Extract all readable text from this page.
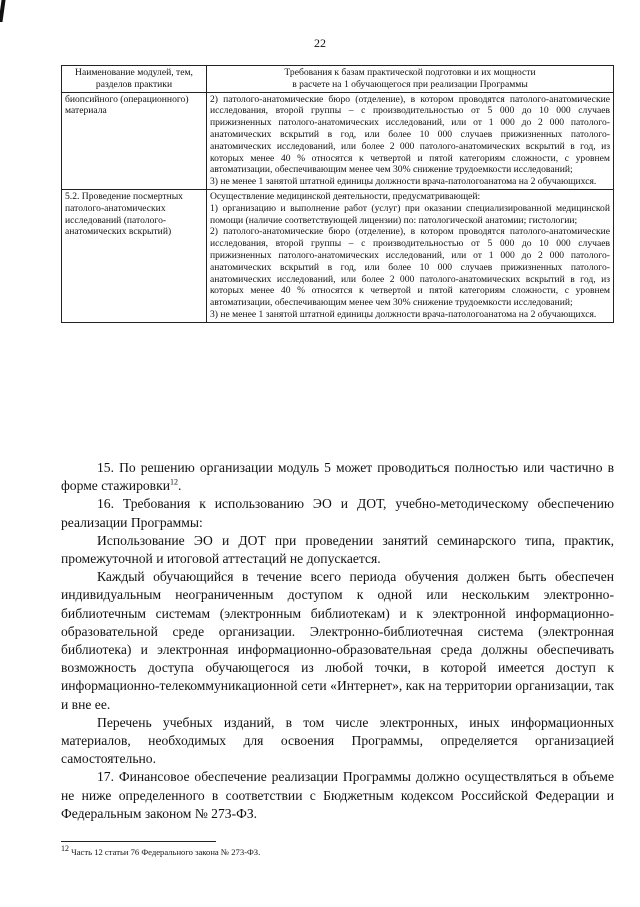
22
Наименование модулей, тем, разделов практики	Требования к базам практической подготовки и их мощности
в расчете на 1 обучающегося при реализации Программы
биопсийного (операционного) материала	2) патолого-анатомические бюро (отделение), в котором проводятся патолого-анатомические исследования, второй группы – с производительностью от 5 000 до 10 000 случаев прижизненных патолого-анатомических исследований, или от 1 000 до 2 000 патолого-анатомических вскрытий в год, или более 10 000 случаев прижизненных патолого-анатомических исследований, или более 2 000 патолого-анатомических вскрытий в год, из которых менее 40 % относятся к четвертой и пятой категориям сложности, с уровнем автоматизации, обеспечивающим менее чем 30% снижение трудоемкости исследований;

3) не менее 1 занятой штатной единицы должности врача-патологоанатома на 2 обучающихся.

5.2. Проведение посмертных патолого-анатомических исследований (патолого-анатомических вскрытий)	Осуществление медицинской деятельности, предусматривающей:

1) организацию и выполнение работ (услуг) при оказании специализированной медицинской помощи (наличие соответствующей лицензии) по: патологической анатомии; гистологии;

2) патолого-анатомические бюро (отделение), в котором проводятся патолого-анатомические исследования, второй группы – с производительностью от 5 000 до 10 000 случаев прижизненных патолого-анатомических исследований, или от 1 000 до 2 000 патолого-анатомических вскрытий в год, или более 10 000 случаев прижизненных патолого-анатомических исследований, или более 2 000 патолого-анатомических вскрытий в год, из которых менее 40 % относятся к четвертой и пятой категориям сложности, с уровнем автоматизации, обеспечивающим менее чем 30% снижение трудоемкости исследований;

3) не менее 1 занятой штатной единицы должности врача-патологоанатома на 2 обучающихся.

15. По решению организации модуль 5 может проводиться полностью или частично в форме стажировки$^{12}$.

16. Требования к использованию ЭО и ДОТ, учебно-методическому обеспечению реализации Программы:

Использование ЭО и ДОТ при проведении занятий семинарского типа, практик, промежуточной и итоговой аттестаций не допускается.

Каждый обучающийся в течение всего периода обучения должен быть обеспечен индивидуальным неограниченным доступом к одной или нескольким электронно-библиотечным системам (электронным библиотекам) и к электронной информационно-образовательной среде организации. Электронно-библиотечная система (электронная библиотека) и электронная информационно-образовательная среда должны обеспечивать возможность доступа обучающегося из любой точки, в которой имеется доступ к информационно-телекоммуникационной сети «Интернет», как на территории организации, так и вне ее.

Перечень учебных изданий, в том числе электронных, иных информационных материалов, необходимых для освоения Программы, определяется организацией самостоятельно.

17. Финансовое обеспечение реализации Программы должно осуществляться в объеме не ниже определенного в соответствии с Бюджетным кодексом Российской Федерации и Федеральным законом № 273-ФЗ.

12 Часть 12 статьи 76 Федерального закона № 273-ФЗ.
